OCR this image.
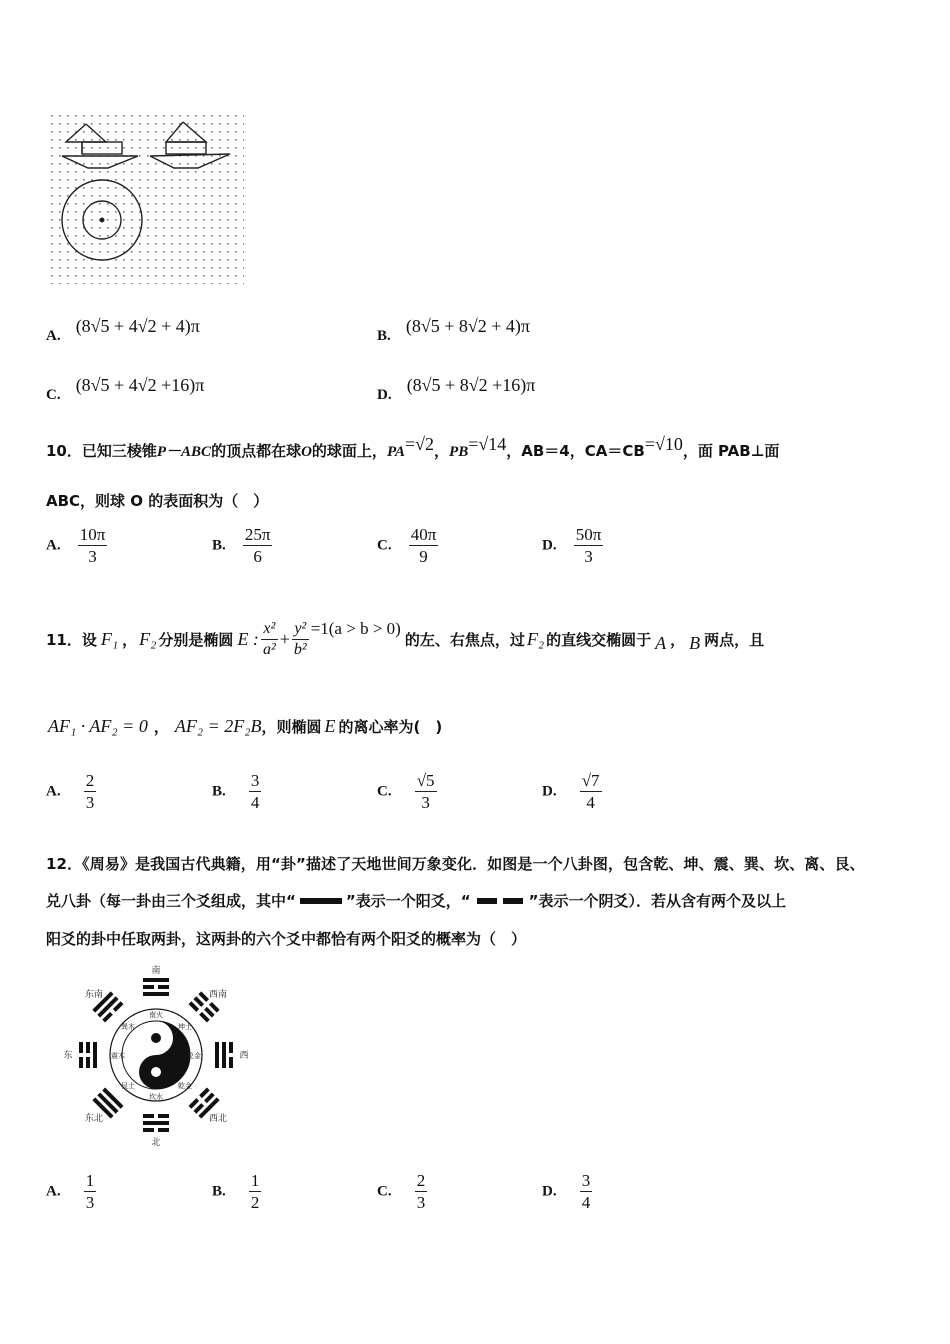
A. (8√5 + 4√2 + 4)π	B. (8√5 + 8√2 + 4)π
C. (8√5 + 4√2 +16)π	D. (8√5 + 8√2 +16)π
10．已知三棱锥P－ABC的顶点都在球O的球面上，PA=√2，PB=√14，AB＝4，CA＝CB=√10，面 PAB⊥面
ABC，则球 O 的表面积为（　）
A. $\frac{10\pi}{3}$	B. $\frac{25\pi}{6}$	C. $\frac{40\pi}{9}$	D. $\frac{50\pi}{3}$
11．设 F₁ ， F₂ 分别是椭圆 E : $\frac{\text{x²}}{\text{a²}} + \frac{\text{y²}}{\text{b²}} =1(a > b > 0)$
的左、右焦点，过 F₂ 的直线交椭圆于 A ， B 两点，且
AF₁ · AF₂ = 0 ， AF₂ = 2F₂B ，则椭圆 E 的离心率为(　)
A. $\frac{2}{3}$	B. $\frac{3}{4}$	C. $\frac{√5}{3}$	D. $\frac{√7}{4}$
12．《周易》是我国古代典籍，用“卦”描述了天地世间万象变化．如图是一个八卦图，包含乾、坤、震、巽、坎、离、艮、
兑八卦（每一卦由三个爻组成，其中“	”表示一个阳爻，“	”表示一个阴爻）．若从含有两个及以上
阳爻的卦中任取两卦，这两卦的六个爻中都恰有两个阳爻的概率为（　）
南
北
东	西
东南	西南
东北	西北
南火
坎水
震木	兑金
巽木	坤土
艮土	乾金
A. $\frac{1}{3}$	B. $\frac{1}{2}$	C. $\frac{2}{3}$	D. $\frac{3}{4}$
